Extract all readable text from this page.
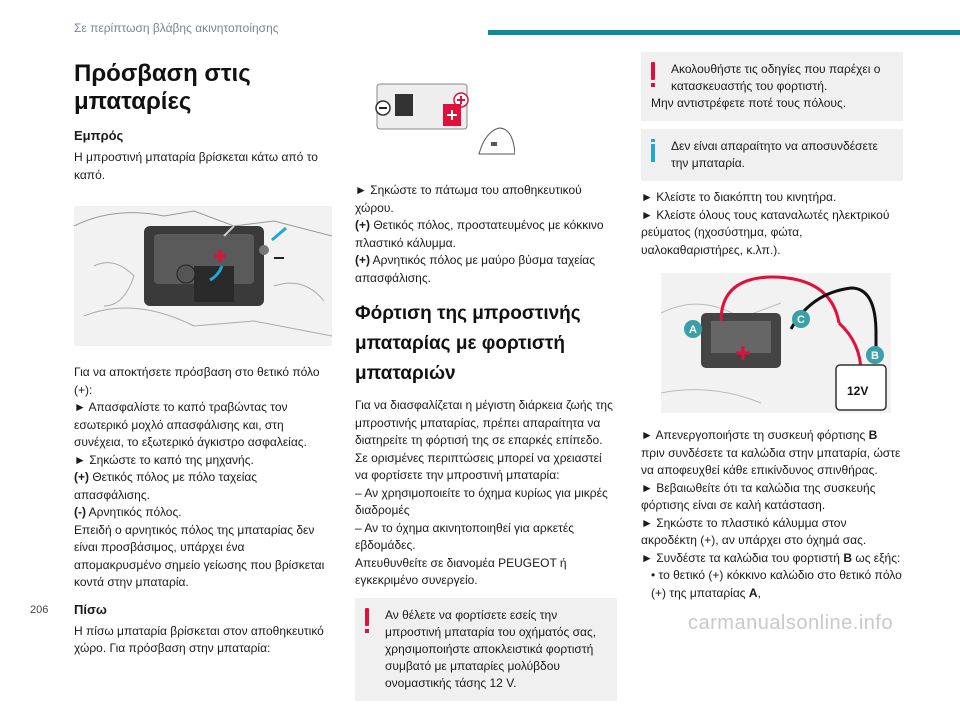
Σε περίπτωση βλάβης ακινητοποίησης
Πρόσβαση στις μπαταρίες
Εμπρός

Η μπροστινή μπαταρία βρίσκεται κάτω από το καπό.

Για να αποκτήσετε πρόσβαση στο θετικό πόλο (+):

► Απασφαλίστε το καπό τραβώντας τον εσωτερικό μοχλό απασφάλισης και, στη συνέχεια, το εξωτερικό άγκιστρο ασφαλείας.

► Σηκώστε το καπό της μηχανής.

(+) Θετικός πόλος με πόλο ταχείας απασφάλισης.

(-) Αρνητικός πόλος.

Επειδή ο αρνητικός πόλος της μπαταρίας δεν είναι προσβάσιμος, υπάρχει ένα απομακρυσμένο σημείο γείωσης που βρίσκεται κοντά στην μπαταρία.

Πίσω

Η πίσω μπαταρία βρίσκεται στον αποθηκευτικό χώρο. Για πρόσβαση στην μπαταρία:

► Σηκώστε το πάτωμα του αποθηκευτικού χώρου.

(+) Θετικός πόλος, προστατευμένος με κόκκινο πλαστικό κάλυμμα.

(+) Αρνητικός πόλος με μαύρο βύσμα ταχείας απασφάλισης.

Φόρτιση της μπροστινής μπαταρίας με φορτιστή μπαταριών

Για να διασφαλίζεται η μέγιστη διάρκεια ζωής της μπροστινής μπαταρίας, πρέπει απαραίτητα να διατηρείτε τη φόρτισή της σε επαρκές επίπεδο.

Σε ορισμένες περιπτώσεις μπορεί να χρειαστεί να φορτίσετε την μπροστινή μπαταρία:

– Αν χρησιμοποιείτε το όχημα κυρίως για μικρές διαδρομές

– Αν το όχημα ακινητοποιηθεί για αρκετές εβδομάδες.

Απευθυνθείτε σε διανομέα PEUGEOT ή εγκεκριμένο συνεργείο.

Αν θέλετε να φορτίσετε εσείς την μπροστινή μπαταρία του οχήματός σας, χρησιμοποιήστε αποκλειστικά φορτιστή συμβατό με μπαταρίες μολύβδου ονομαστικής τάσης 12 V.

Ακολουθήστε τις οδηγίες που παρέχει ο κατασκευαστής του φορτιστή.

Μην αντιστρέφετε ποτέ τους πόλους.

Δεν είναι απαραίτητο να αποσυνδέσετε την μπαταρία.

► Κλείστε το διακόπτη του κινητήρα.

► Κλείστε όλους τους καταναλωτές ηλεκτρικού ρεύματος (ηχοσύστημα, φώτα, υαλοκαθαριστήρες, κ.λπ.).

12V
A
C
B

► Απενεργοποιήστε τη συσκευή φόρτισης B πριν συνδέσετε τα καλώδια στην μπαταρία, ώστε να αποφευχθεί κάθε επικίνδυνος σπινθήρας.

► Βεβαιωθείτε ότι τα καλώδια της συσκευής φόρτισης είναι σε καλή κατάσταση.

► Σηκώστε το πλαστικό κάλυμμα στον ακροδέκτη (+), αν υπάρχει στο όχημά σας.

► Συνδέστε τα καλώδια του φορτιστή B ως εξής:

• το θετικό (+) κόκκινο καλώδιο στο θετικό πόλο (+) της μπαταρίας A,

206
carmanualsonline.info
